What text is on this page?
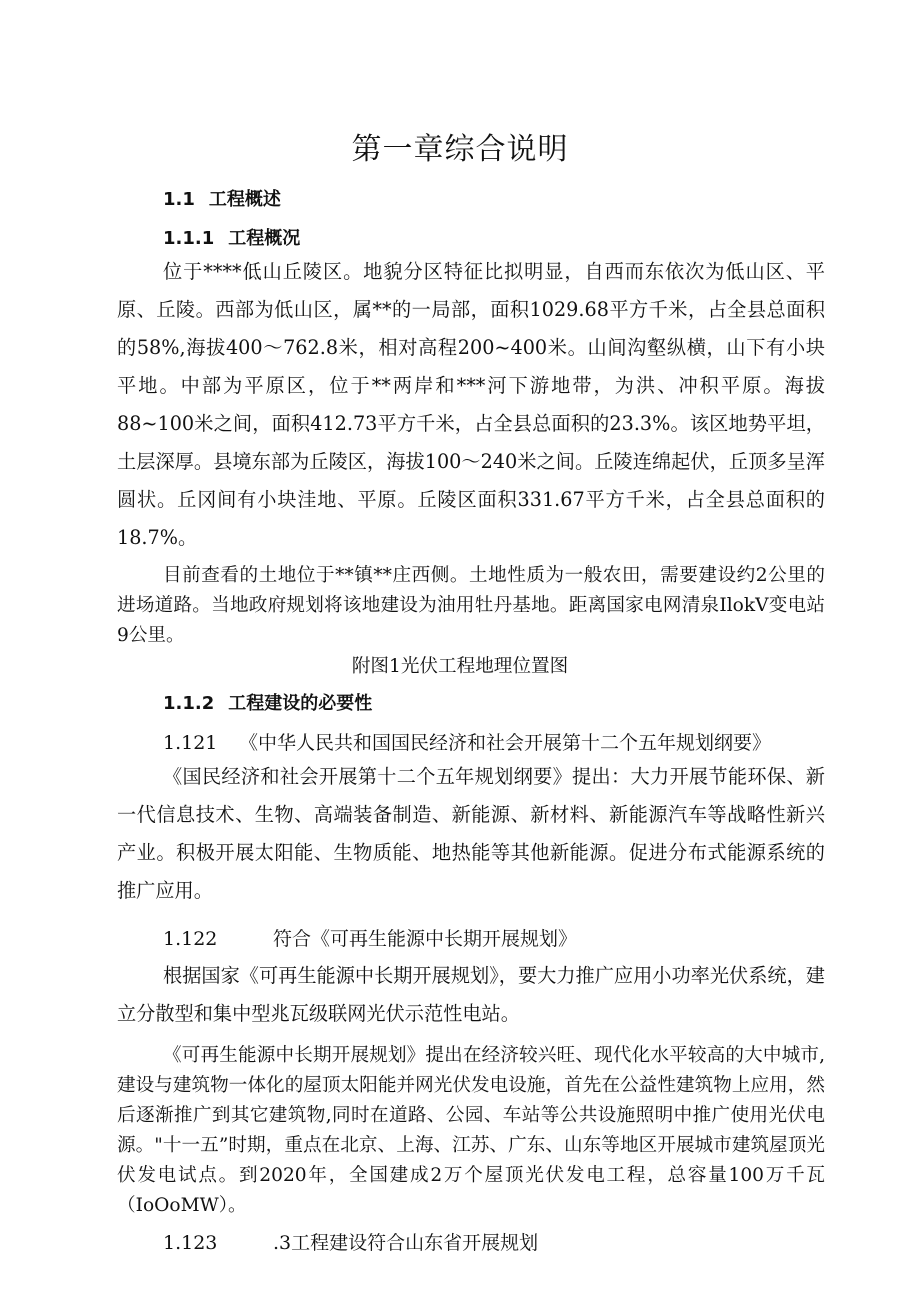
第一章综合说明
1.1 工程概述
1.1.1 工程概况

位于****低山丘陵区。地貌分区特征比拟明显，自西而东依次为低山区、平原、丘陵。西部为低山区，属**的一局部，面积1029.68平方千米，占全县总面积的58%,海拔400～762.8米，相对高程200~400米。山间沟壑纵横，山下有小块平地。中部为平原区，位于**两岸和***河下游地带，为洪、冲积平原。海拔88~100米之间，面积412.73平方千米，占全县总面积的23.3%。该区地势平坦，土层深厚。县境东部为丘陵区，海拔100～240米之间。丘陵连绵起伏，丘顶多呈浑圆状。丘冈间有小块洼地、平原。丘陵区面积331.67平方千米，占全县总面积的18.7%。

目前查看的土地位于**镇**庄西侧。土地性质为一般农田，需要建设约2公里的进场道路。当地政府规划将该地建设为油用牡丹基地。距离国家电网清泉IlokV变电站9公里。

附图1光伏工程地理位置图
1.1.2 工程建设的必要性
1.121 《中华人民共和国国民经济和社会开展第十二个五年规划纲要》

《国民经济和社会开展第十二个五年规划纲要》提出：大力开展节能环保、新一代信息技术、生物、高端装备制造、新能源、新材料、新能源汽车等战略性新兴产业。积极开展太阳能、生物质能、地热能等其他新能源。促进分布式能源系统的推广应用。

1.122	符合《可再生能源中长期开展规划》

根据国家《可再生能源中长期开展规划》，要大力推广应用小功率光伏系统，建立分散型和集中型兆瓦级联网光伏示范性电站。

《可再生能源中长期开展规划》提出在经济较兴旺、现代化水平较高的大中城市,建设与建筑物一体化的屋顶太阳能并网光伏发电设施，首先在公益性建筑物上应用，然后逐渐推广到其它建筑物,同时在道路、公园、车站等公共设施照明中推广使用光伏电源。"十一五”时期，重点在北京、上海、江苏、广东、山东等地区开展城市建筑屋顶光伏发电试点。到2020年，全国建成2万个屋顶光伏发电工程，总容量100万千瓦（IoOoMW）。

1.123	.3工程建设符合山东省开展规划
